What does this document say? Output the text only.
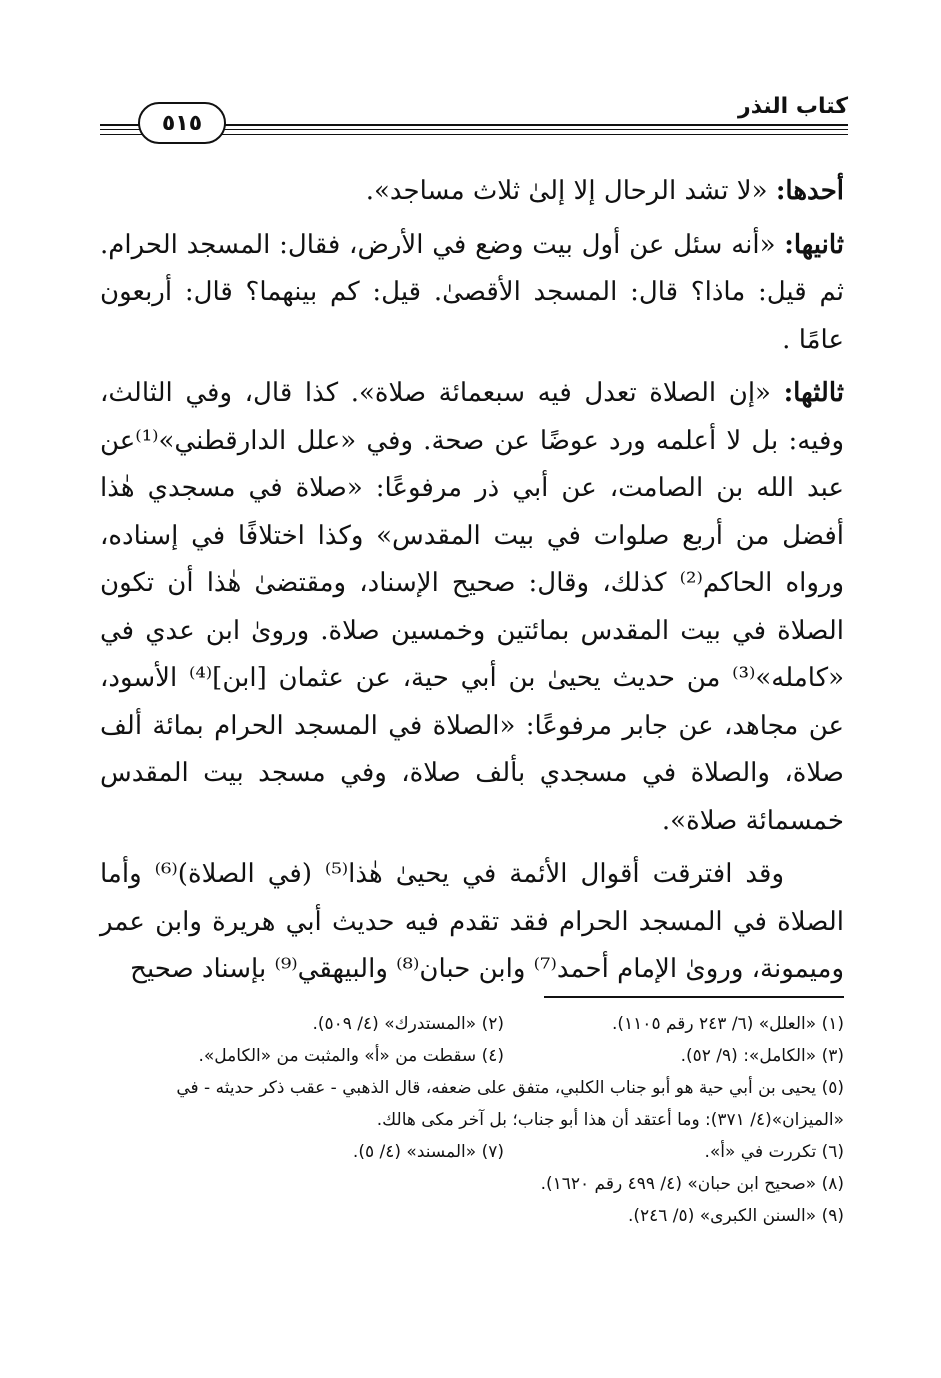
كتاب النذر
٥١٥

أحدها: «لا تشد الرحال إلا إلىٰ ثلاث مساجد».

ثانيها: «أنه سئل عن أول بيت وضع في الأرض، فقال: المسجد الحرام. ثم قيل: ماذا؟ قال: المسجد الأقصىٰ. قيل: كم بينهما؟ قال: أربعون عامًا .

ثالثها: «إن الصلاة تعدل فيه سبعمائة صلاة». كذا قال، وفي الثالث، وفيه: بل لا أعلمه ورد عوضًا عن صحة. وفي «علل الدارقطني»⁽¹⁾عن عبد الله بن الصامت، عن أبي ذر مرفوعًا: «صلاة في مسجدي هٰذا أفضل من أربع صلوات في بيت المقدس» وكذا اختلافًا في إسناده، ورواه الحاكم⁽²⁾ كذلك، وقال: صحيح الإسناد، ومقتضىٰ هٰذا أن تكون الصلاة في بيت المقدس بمائتين وخمسين صلاة. وروىٰ ابن عدي في «كامله»⁽³⁾ من حديث يحيىٰ بن أبي حية، عن عثمان [ابن]⁽⁴⁾ الأسود، عن مجاهد، عن جابر مرفوعًا: «الصلاة في المسجد الحرام بمائة ألف صلاة، والصلاة في مسجدي بألف صلاة، وفي مسجد بيت المقدس خمسمائة صلاة».

وقد افترقت أقوال الأئمة في يحيىٰ هٰذا⁽⁵⁾ (في الصلاة)⁽⁶⁾ وأما الصلاة في المسجد الحرام فقد تقدم فيه حديث أبي هريرة وابن عمر وميمونة، وروىٰ الإمام أحمد⁽⁷⁾ وابن حبان⁽⁸⁾ والبيهقي⁽⁹⁾ بإسناد صحيح

(١) «العلل» (٦/ ٢٤٣ رقم ١١٠٥).
(٢) «المستدرك» (٤/ ٥٠٩).
(٣) «الكامل»: (٩/ ٥٢).
(٤) سقطت من «أ» والمثبت من «الكامل».
(٥) يحيى بن أبي حية هو أبو جناب الكلبي، متفق على ضعفه، قال الذهبي - عقب ذكر حديثه - في «الميزان»(٤/ ٣٧١): وما أعتقد أن هذا أبو جناب؛ بل آخر مكى هالك.
(٦) تكررت في «أ».
(٧) «المسند» (٤/ ٥).
(٨) «صحيح ابن حبان» (٤/ ٤٩٩ رقم ١٦٢٠).
(٩) «السنن الكبرى» (٥/ ٢٤٦).
